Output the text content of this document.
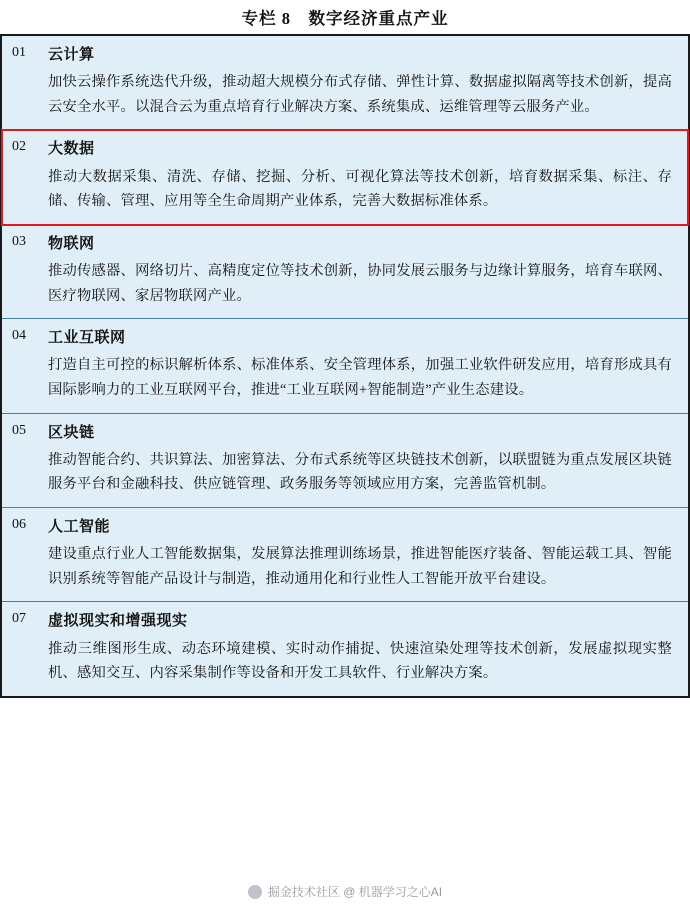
专栏 8　数字经济重点产业
01	云计算
加快云操作系统迭代升级，推动超大规模分布式存储、弹性计算、数据虚拟隔离等技术创新，提高云安全水平。以混合云为重点培育行业解决方案、系统集成、运维管理等云服务产业。
02	大数据
推动大数据采集、清洗、存储、挖掘、分析、可视化算法等技术创新，培育数据采集、标注、存储、传输、管理、应用等全生命周期产业体系，完善大数据标准体系。
03	物联网
推动传感器、网络切片、高精度定位等技术创新，协同发展云服务与边缘计算服务，培育车联网、医疗物联网、家居物联网产业。
04	工业互联网
打造自主可控的标识解析体系、标准体系、安全管理体系，加强工业软件研发应用，培育形成具有国际影响力的工业互联网平台，推进“工业互联网+智能制造”产业生态建设。
05	区块链
推动智能合约、共识算法、加密算法、分布式系统等区块链技术创新，以联盟链为重点发展区块链服务平台和金融科技、供应链管理、政务服务等领域应用方案，完善监管机制。
06	人工智能
建设重点行业人工智能数据集，发展算法推理训练场景，推进智能医疗装备、智能运载工具、智能识别系统等智能产品设计与制造，推动通用化和行业性人工智能开放平台建设。
07	虚拟现实和增强现实
推动三维图形生成、动态环境建模、实时动作捕捉、快速渲染处理等技术创新，发展虚拟现实整机、感知交互、内容采集制作等设备和开发工具软件、行业解决方案。
掘金技术社区 @ 机器学习之心AI
